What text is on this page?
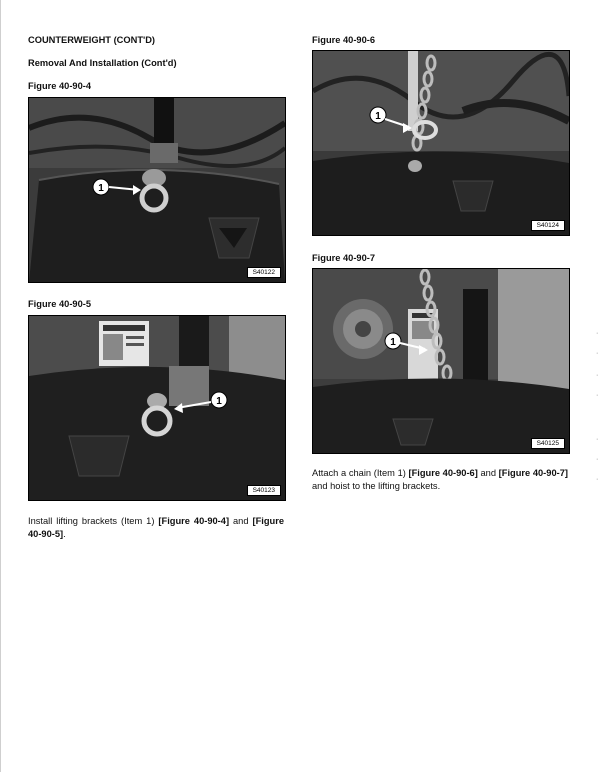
COUNTERWEIGHT (CONT'D)
Removal And Installation (Cont'd)
Figure 40-90-4
1
S40122
Figure 40-90-5
1
S40123
Install lifting brackets (Item 1) [Figure 40-90-4] and [Figure 40-90-5].
Figure 40-90-6
1
S40124
Figure 40-90-7
1
S40125
Attach a chain (Item 1) [Figure 40-90-6] and [Figure 40-90-7] and hoist to the lifting brackets.
·
·
·
·
·
·
·
